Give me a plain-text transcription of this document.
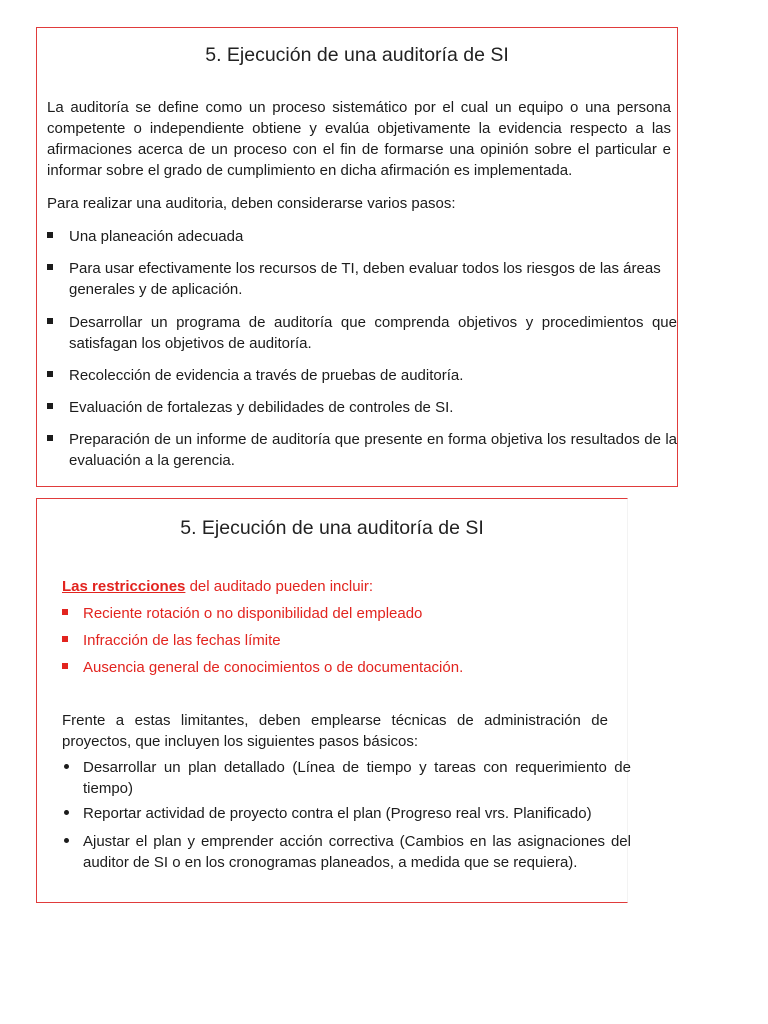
5. Ejecución de una auditoría de SI
La auditoría se define como un proceso sistemático por el cual un equipo o una persona competente o independiente obtiene y evalúa objetivamente la evidencia respecto a las afirmaciones acerca de un proceso con el fin de formarse una opinión sobre el particular e informar sobre el grado de cumplimiento en dicha afirmación es implementada.
Para realizar una auditoria, deben considerarse varios pasos:
Una planeación adecuada
Para usar efectivamente los recursos de TI, deben evaluar todos los riesgos de las áreas generales y de aplicación.
Desarrollar un programa de auditoría que comprenda objetivos y procedimientos que satisfagan los objetivos de auditoría.
Recolección de evidencia a través de pruebas de auditoría.
Evaluación de fortalezas y debilidades de controles de SI.
Preparación de un informe de auditoría que presente en forma objetiva los resultados de la evaluación a la gerencia.
5. Ejecución de una auditoría de SI
Las restricciones del auditado pueden incluir:
Reciente rotación o no disponibilidad del empleado
Infracción de las fechas límite
Ausencia general de conocimientos o de documentación.
Frente a estas limitantes, deben emplearse técnicas de administración de proyectos, que incluyen los siguientes pasos básicos:
Desarrollar un plan detallado (Línea de tiempo y tareas con requerimiento de tiempo)
Reportar actividad de proyecto contra el plan (Progreso real vrs. Planificado)
Ajustar el plan y emprender acción correctiva (Cambios en las asignaciones del auditor de SI o en los cronogramas planeados, a medida que se requiera).
